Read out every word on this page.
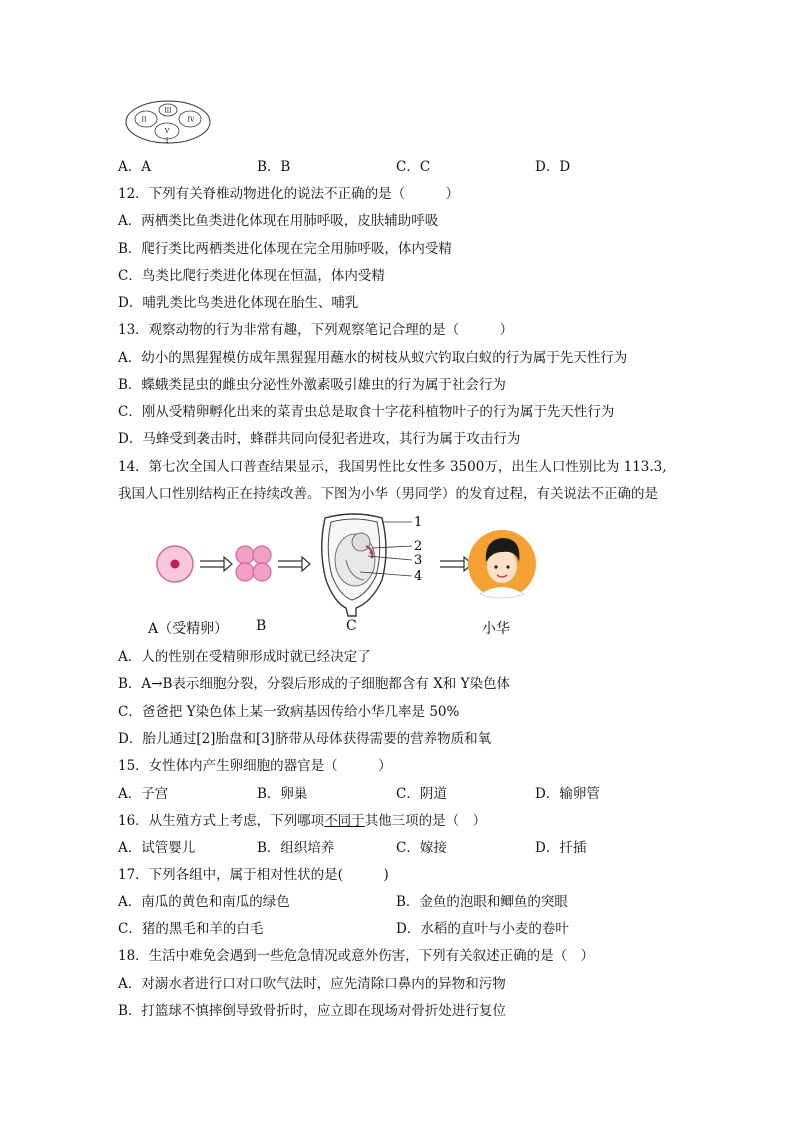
III
II	IV
V
I
A．A	B．B	C．C	D．D
12．下列有关脊椎动物进化的说法不正确的是（　　　）
A．两栖类比鱼类进化体现在用肺呼吸，皮肤辅助呼吸
B．爬行类比两栖类进化体现在完全用肺呼吸，体内受精
C．鸟类比爬行类进化体现在恒温，体内受精
D．哺乳类比鸟类进化体现在胎生、哺乳
13．观察动物的行为非常有趣，下列观察笔记合理的是（　　　）
A．幼小的黑猩猩模仿成年黑猩猩用蘸水的树枝从蚁穴钓取白蚁的行为属于先天性行为
B．蝶蛾类昆虫的雌虫分泌性外激素吸引雄虫的行为属于社会行为
C．刚从受精卵孵化出来的菜青虫总是取食十字花科植物叶子的行为属于先天性行为
D．马蜂受到袭击时，蜂群共同向侵犯者进攻，其行为属于攻击行为
14．第七次全国人口普查结果显示，我国男性比女性多 3500万，出生人口性别比为 113.3,
我国人口性别结构正在持续改善。下图为小华（男同学）的发育过程，有关说法不正确的是
1
2
3
4
A（受精卵） B	C	小华
A．人的性别在受精卵形成时就已经决定了
B．A→B表示细胞分裂，分裂后形成的子细胞都含有 X和 Y染色体
C．爸爸把 Y染色体上某一致病基因传给小华几率是 50%
D．胎儿通过[2]胎盘和[3]脐带从母体获得需要的营养物质和氧
15．女性体内产生卵细胞的器官是（　　　）
A．子宫	B．卵巢	C．阴道	D．输卵管
16．从生殖方式上考虑，下列哪项不同于其他三项的是（　）
A．试管婴儿	B．组织培养	C．嫁接	D．扦插
17．下列各组中，属于相对性状的是(　　　)
A．南瓜的黄色和南瓜的绿色	B．金鱼的泡眼和鲫鱼的突眼
C．猪的黑毛和羊的白毛	D．水稻的直叶与小麦的卷叶
18．生活中难免会遇到一些危急情况或意外伤害，下列有关叙述正确的是（　）
A．对溺水者进行口对口吹气法时，应先清除口鼻内的异物和污物
B．打篮球不慎摔倒导致骨折时，应立即在现场对骨折处进行复位
